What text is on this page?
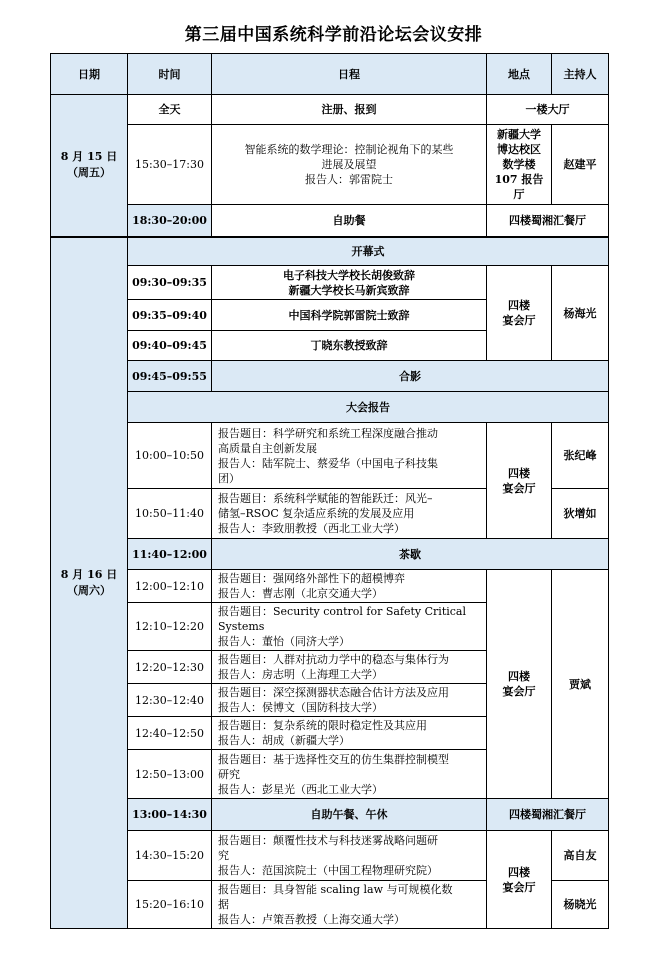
第三届中国系统科学前沿论坛会议安排
日期	时间	日程	地点	主持人
8 月 15 日
（周五）	全天	注册、报到	一楼大厅	
	15:30–17:30	智能系统的数学理论：控制论视角下的某些
进展及展望
报告人：郭雷院士	新疆大学
博达校区
数学楼
107 报告
厅	赵建平
	18:30–20:00	自助餐	四楼蜀湘汇餐厅	
8 月 16 日
（周六）	开幕式			
	09:30–09:35	电子科技大学校长胡俊致辞
新疆大学校长马新宾致辞	四楼
宴会厅	杨海光
	09:35–09:40	中国科学院郭雷院士致辞		
	09:40–09:45	丁晓东教授致辞		
	09:45–09:55	合影		
	大会报告			
	10:00–10:50	报告题目：科学研究和系统工程深度融合推动
高质量自主创新发展
报告人：陆军院士、蔡爱华（中国电子科技集
团）	四楼
宴会厅	张纪峰
	10:50–11:40	报告题目：系统科学赋能的智能跃迁：风光–
储氢–RSOC 复杂适应系统的发展及应用
报告人：李致朋教授（西北工业大学）		狄增如
	11:40–12:00	茶歇		
	12:00–12:10	报告题目：强网络外部性下的超模博弈
报告人：曹志刚（北京交通大学）	四楼
宴会厅	贾斌
	12:10–12:20	报告题目：Security control for Safety Critical
Systems
报告人：董怡（同济大学）		

	12:20–12:30	报告题目：人群对抗动力学中的稳态与集体行为
报告人：房志明（上海理工大学）		

	12:30–12:40	报告题目：深空探测器状态融合估计方法及应用
报告人：侯博文（国防科技大学）		

	12:40–12:50	报告题目：复杂系统的限时稳定性及其应用
报告人：胡成（新疆大学）		

	12:50–13:00	报告题目：基于选择性交互的仿生集群控制模型
研究
报告人：彭星光（西北工业大学）		

	13:00–14:30	自助午餐、午休	四楼蜀湘汇餐厅	
	14:30–15:20	报告题目：颠覆性技术与科技迷雾战略问题研
究
报告人：范国滨院士（中国工程物理研究院）	四楼
宴会厅	高自友
	15:20–16:10	报告题目：具身智能 scaling law 与可规模化数
据
报告人：卢策吾教授（上海交通大学）		杨晓光
